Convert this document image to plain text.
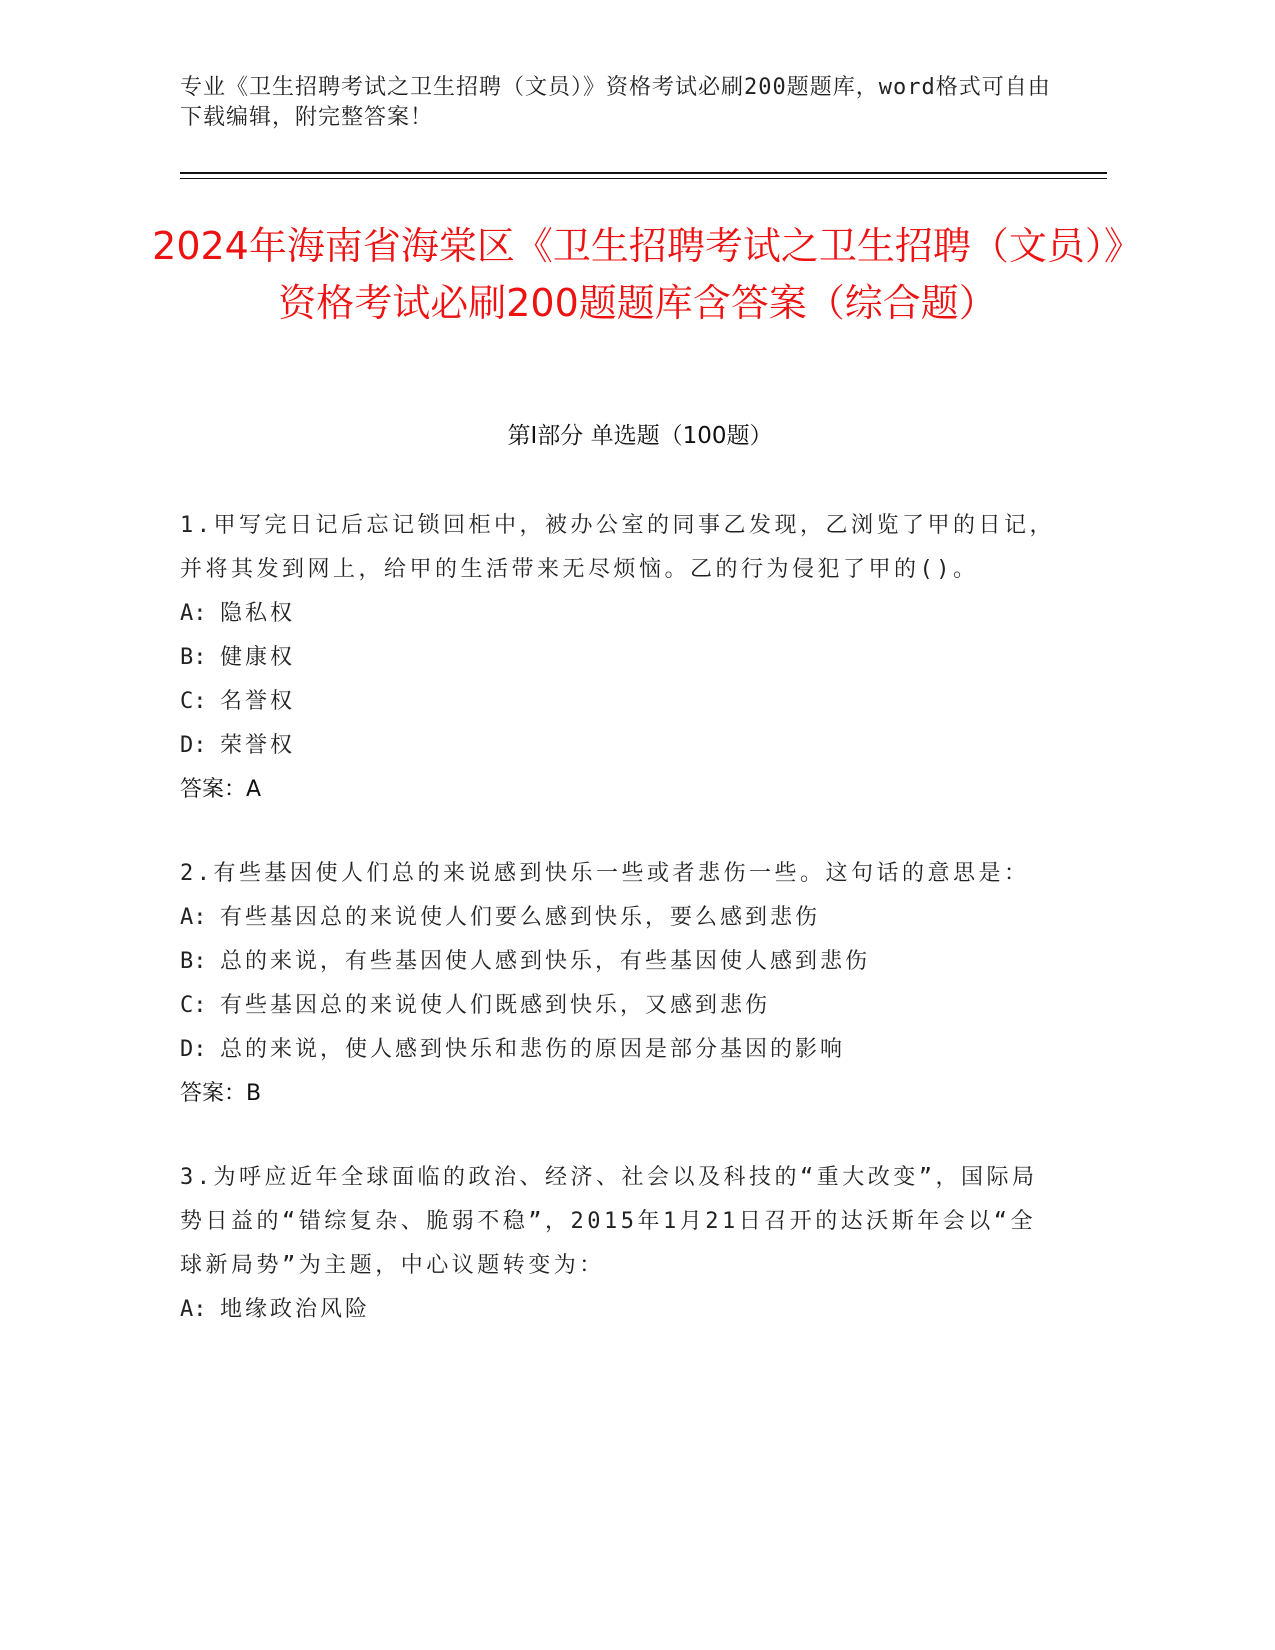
专业《卫生招聘考试之卫生招聘（文员）》资格考试必刷200题题库，word格式可自由下载编辑，附完整答案！
2024年海南省海棠区《卫生招聘考试之卫生招聘（文员）》资格考试必刷200题题库含答案（综合题）
第I部分 单选题（100题）
1.甲写完日记后忘记锁回柜中，被办公室的同事乙发现，乙浏览了甲的日记，并将其发到网上，给甲的生活带来无尽烦恼。乙的行为侵犯了甲的()。
A: 隐私权
B: 健康权
C: 名誉权
D: 荣誉权
答案：A
2.有些基因使人们总的来说感到快乐一些或者悲伤一些。这句话的意思是：
A: 有些基因总的来说使人们要么感到快乐，要么感到悲伤
B: 总的来说，有些基因使人感到快乐，有些基因使人感到悲伤
C: 有些基因总的来说使人们既感到快乐，又感到悲伤
D: 总的来说，使人感到快乐和悲伤的原因是部分基因的影响
答案：B
3.为呼应近年全球面临的政治、经济、社会以及科技的“重大改变”，国际局势日益的“错综复杂、脆弱不稳”，2015年1月21日召开的达沃斯年会以“全球新局势”为主题，中心议题转变为：
A: 地缘政治风险
